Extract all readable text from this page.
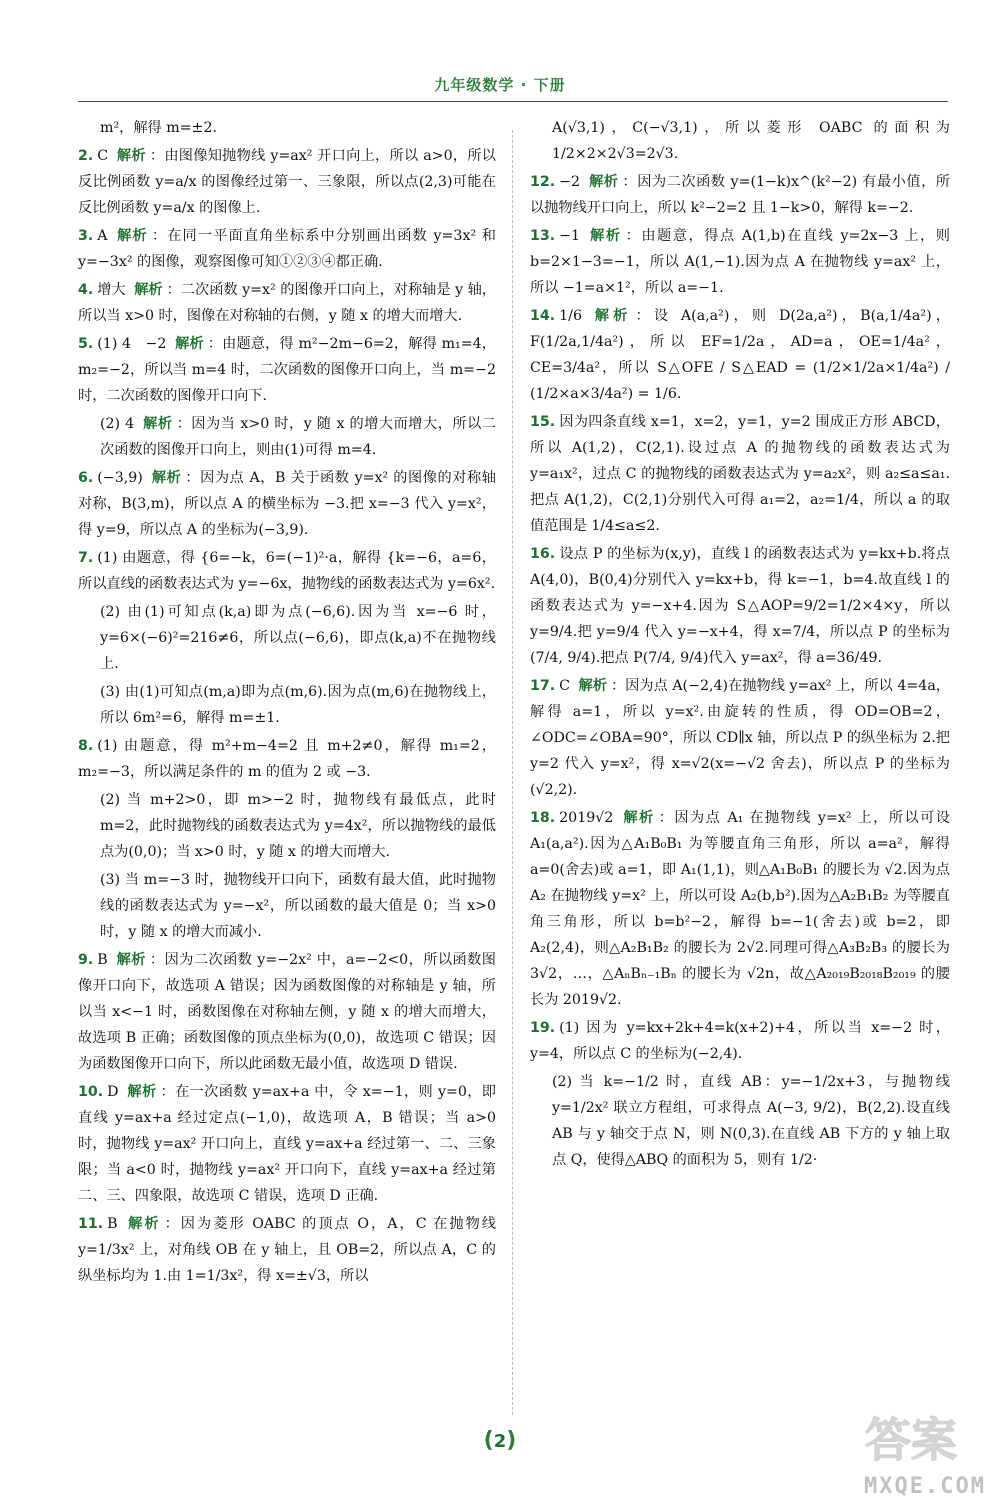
九年级数学 · 下册
m²，解得 m=±2.
2. C 解析 ：由图像知抛物线 y=ax² 开口向上，所以 a>0，所以反比例函数 y=a/x 的图像经过第一、三象限，所以点(2,3)可能在反比例函数 y=a/x 的图像上.
3. A 解析 ：在同一平面直角坐标系中分别画出函数 y=3x² 和 y=−3x² 的图像，观察图像可知①②③④都正确.
4. 增大 解析 ：二次函数 y=x² 的图像开口向上，对称轴是 y 轴，所以当 x>0 时，图像在对称轴的右侧，y 随 x 的增大而增大.
5. (1) 4　−2 解析 ：由题意，得 m²−2m−6=2，解得 m₁=4，m₂=−2，所以当 m=4 时，二次函数的图像开口向上，当 m=−2 时，二次函数的图像开口向下.
(2) 4 解析 ：因为当 x>0 时，y 随 x 的增大而增大，所以二次函数的图像开口向上，则由(1)可得 m=4.
6. (−3,9) 解析 ：因为点 A，B 关于函数 y=x² 的图像的对称轴对称，B(3,m)，所以点 A 的横坐标为 −3.把 x=−3 代入 y=x²，得 y=9，所以点 A 的坐标为(−3,9).
7. (1) 由题意，得 {6=−k，6=(−1)²·a，解得 {k=−6，a=6，所以直线的函数表达式为 y=−6x，抛物线的函数表达式为 y=6x².
(2) 由(1)可知点(k,a)即为点(−6,6).因为当 x=−6 时，y=6×(−6)²=216≠6，所以点(−6,6)，即点(k,a)不在抛物线上.
(3) 由(1)可知点(m,a)即为点(m,6).因为点(m,6)在抛物线上，所以 6m²=6，解得 m=±1.
8. (1) 由题意，得 m²+m−4=2 且 m+2≠0，解得 m₁=2，m₂=−3，所以满足条件的 m 的值为 2 或 −3.
(2) 当 m+2>0，即 m>−2 时，抛物线有最低点，此时 m=2，此时抛物线的函数表达式为 y=4x²，所以抛物线的最低点为(0,0)；当 x>0 时，y 随 x 的增大而增大.
(3) 当 m=−3 时，抛物线开口向下，函数有最大值，此时抛物线的函数表达式为 y=−x²，所以函数的最大值是 0；当 x>0 时，y 随 x 的增大而减小.
9. B 解析 ：因为二次函数 y=−2x² 中，a=−2<0，所以函数图像开口向下，故选项 A 错误；因为函数图像的对称轴是 y 轴，所以当 x<−1 时，函数图像在对称轴左侧，y 随 x 的增大而增大，故选项 B 正确；函数图像的顶点坐标为(0,0)，故选项 C 错误；因为函数图像开口向下，所以此函数无最小值，故选项 D 错误.
10. D 解析 ：在一次函数 y=ax+a 中，令 x=−1，则 y=0，即直线 y=ax+a 经过定点(−1,0)，故选项 A，B 错误；当 a>0 时，抛物线 y=ax² 开口向上，直线 y=ax+a 经过第一、二、三象限；当 a<0 时，抛物线 y=ax² 开口向下，直线 y=ax+a 经过第二、三、四象限，故选项 C 错误，选项 D 正确.
11. B 解析 ：因为菱形 OABC 的顶点 O，A，C 在抛物线 y=1/3x² 上，对角线 OB 在 y 轴上，且 OB=2，所以点 A，C 的纵坐标均为 1.由 1=1/3x²，得 x=±√3，所以
A(√3,1)，C(−√3,1)，所以菱形 OABC 的面积为 1/2×2×2√3=2√3.
12. −2 解析 ：因为二次函数 y=(1−k)x^(k²−2) 有最小值，所以抛物线开口向上，所以 k²−2=2 且 1−k>0，解得 k=−2.
13. −1 解析 ：由题意，得点 A(1,b)在直线 y=2x−3 上，则 b=2×1−3=−1，所以 A(1,−1).因为点 A 在抛物线 y=ax² 上，所以 −1=a×1²，所以 a=−1.
14. 1/6 解析 ：设 A(a,a²)，则 D(2a,a²)，B(a,1/4a²)，F(1/2a,1/4a²)，所以 EF=1/2a，AD=a，OE=1/4a²，CE=3/4a²，所以 S△OFE / S△EAD = (1/2×1/2a×1/4a²) / (1/2×a×3/4a²) = 1/6.
15. 因为四条直线 x=1，x=2，y=1，y=2 围成正方形 ABCD，所以 A(1,2)，C(2,1).设过点 A 的抛物线的函数表达式为 y=a₁x²，过点 C 的抛物线的函数表达式为 y=a₂x²，则 a₂≤a≤a₁.把点 A(1,2)，C(2,1)分别代入可得 a₁=2，a₂=1/4，所以 a 的取值范围是 1/4≤a≤2.
16. 设点 P 的坐标为(x,y)，直线 l 的函数表达式为 y=kx+b.将点 A(4,0)，B(0,4)分别代入 y=kx+b，得 k=−1，b=4.故直线 l 的函数表达式为 y=−x+4.因为 S△AOP=9/2=1/2×4×y，所以 y=9/4.把 y=9/4 代入 y=−x+4，得 x=7/4，所以点 P 的坐标为(7/4, 9/4).把点 P(7/4, 9/4)代入 y=ax²，得 a=36/49.
17. C 解析 ：因为点 A(−2,4)在抛物线 y=ax² 上，所以 4=4a，解得 a=1，所以 y=x².由旋转的性质，得 OD=OB=2，∠ODC=∠OBA=90°，所以 CD∥x 轴，所以点 P 的纵坐标为 2.把 y=2 代入 y=x²，得 x=√2(x=−√2 舍去)，所以点 P 的坐标为(√2,2).
18. 2019√2 解析 ：因为点 A₁ 在抛物线 y=x² 上，所以可设 A₁(a,a²).因为△A₁B₀B₁ 为等腰直角三角形，所以 a=a²，解得 a=0(舍去)或 a=1，即 A₁(1,1)，则△A₁B₀B₁ 的腰长为 √2.因为点 A₂ 在抛物线 y=x² 上，所以可设 A₂(b,b²).因为△A₂B₁B₂ 为等腰直角三角形，所以 b=b²−2，解得 b=−1(舍去)或 b=2，即 A₂(2,4)，则△A₂B₁B₂ 的腰长为 2√2.同理可得△A₃B₂B₃ 的腰长为 3√2，…，△AₙBₙ₋₁Bₙ 的腰长为 √2n，故△A₂₀₁₉B₂₀₁₈B₂₀₁₉ 的腰长为 2019√2.
19. (1) 因为 y=kx+2k+4=k(x+2)+4，所以当 x=−2 时，y=4，所以点 C 的坐标为(−2,4).
(2) 当 k=−1/2 时，直线 AB：y=−1/2x+3，与抛物线 y=1/2x² 联立方程组，可求得点 A(−3, 9/2)，B(2,2).设直线 AB 与 y 轴交于点 N，则 N(0,3).在直线 AB 下方的 y 轴上取点 Q，使得△ABQ 的面积为 5，则有 1/2·
(2)	答案
MXQE.COM
